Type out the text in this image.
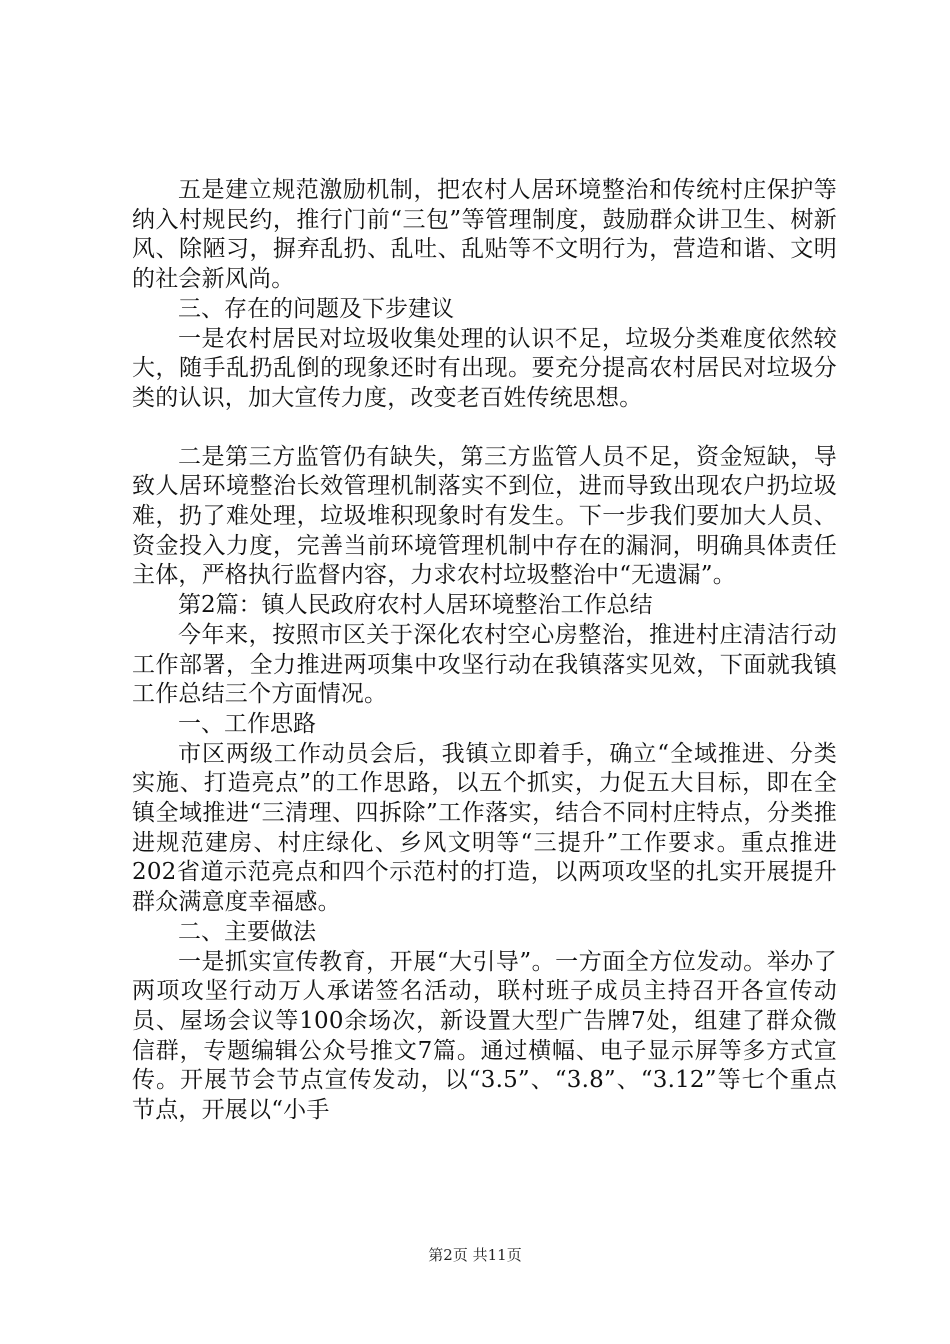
五是建立规范激励机制，把农村人居环境整治和传统村庄保护等纳入村规民约，推行门前“三包”等管理制度，鼓励群众讲卫生、树新风、除陋习，摒弃乱扔、乱吐、乱贴等不文明行为，营造和谐、文明的社会新风尚。

三、存在的问题及下步建议

一是农村居民对垃圾收集处理的认识不足，垃圾分类难度依然较大，随手乱扔乱倒的现象还时有出现。要充分提高农村居民对垃圾分类的认识，加大宣传力度，改变老百姓传统思想。

二是第三方监管仍有缺失，第三方监管人员不足，资金短缺，导致人居环境整治长效管理机制落实不到位，进而导致出现农户扔垃圾难，扔了难处理，垃圾堆积现象时有发生。下一步我们要加大人员、资金投入力度，完善当前环境管理机制中存在的漏洞，明确具体责任主体，严格执行监督内容，力求农村垃圾整治中“无遗漏”。

第2篇：镇人民政府农村人居环境整治工作总结

今年来，按照市区关于深化农村空心房整治，推进村庄清洁行动工作部署，全力推进两项集中攻坚行动在我镇落实见效，下面就我镇工作总结三个方面情况。

一、工作思路

市区两级工作动员会后，我镇立即着手，确立“全域推进、分类实施、打造亮点”的工作思路，以五个抓实，力促五大目标，即在全镇全域推进“三清理、四拆除”工作落实，结合不同村庄特点，分类推进规范建房、村庄绿化、乡风文明等“三提升”工作要求。重点推进202省道示范亮点和四个示范村的打造，以两项攻坚的扎实开展提升群众满意度幸福感。

二、主要做法

一是抓实宣传教育，开展“大引导”。一方面全方位发动。举办了两项攻坚行动万人承诺签名活动，联村班子成员主持召开各宣传动员、屋场会议等100余场次，新设置大型广告牌7处，组建了群众微信群，专题编辑公众号推文7篇。通过横幅、电子显示屏等多方式宣传。开展节会节点宣传发动，以“3.5”、“3.8”、“3.12”等七个重点节点，开展以“小手

第2页 共11页
